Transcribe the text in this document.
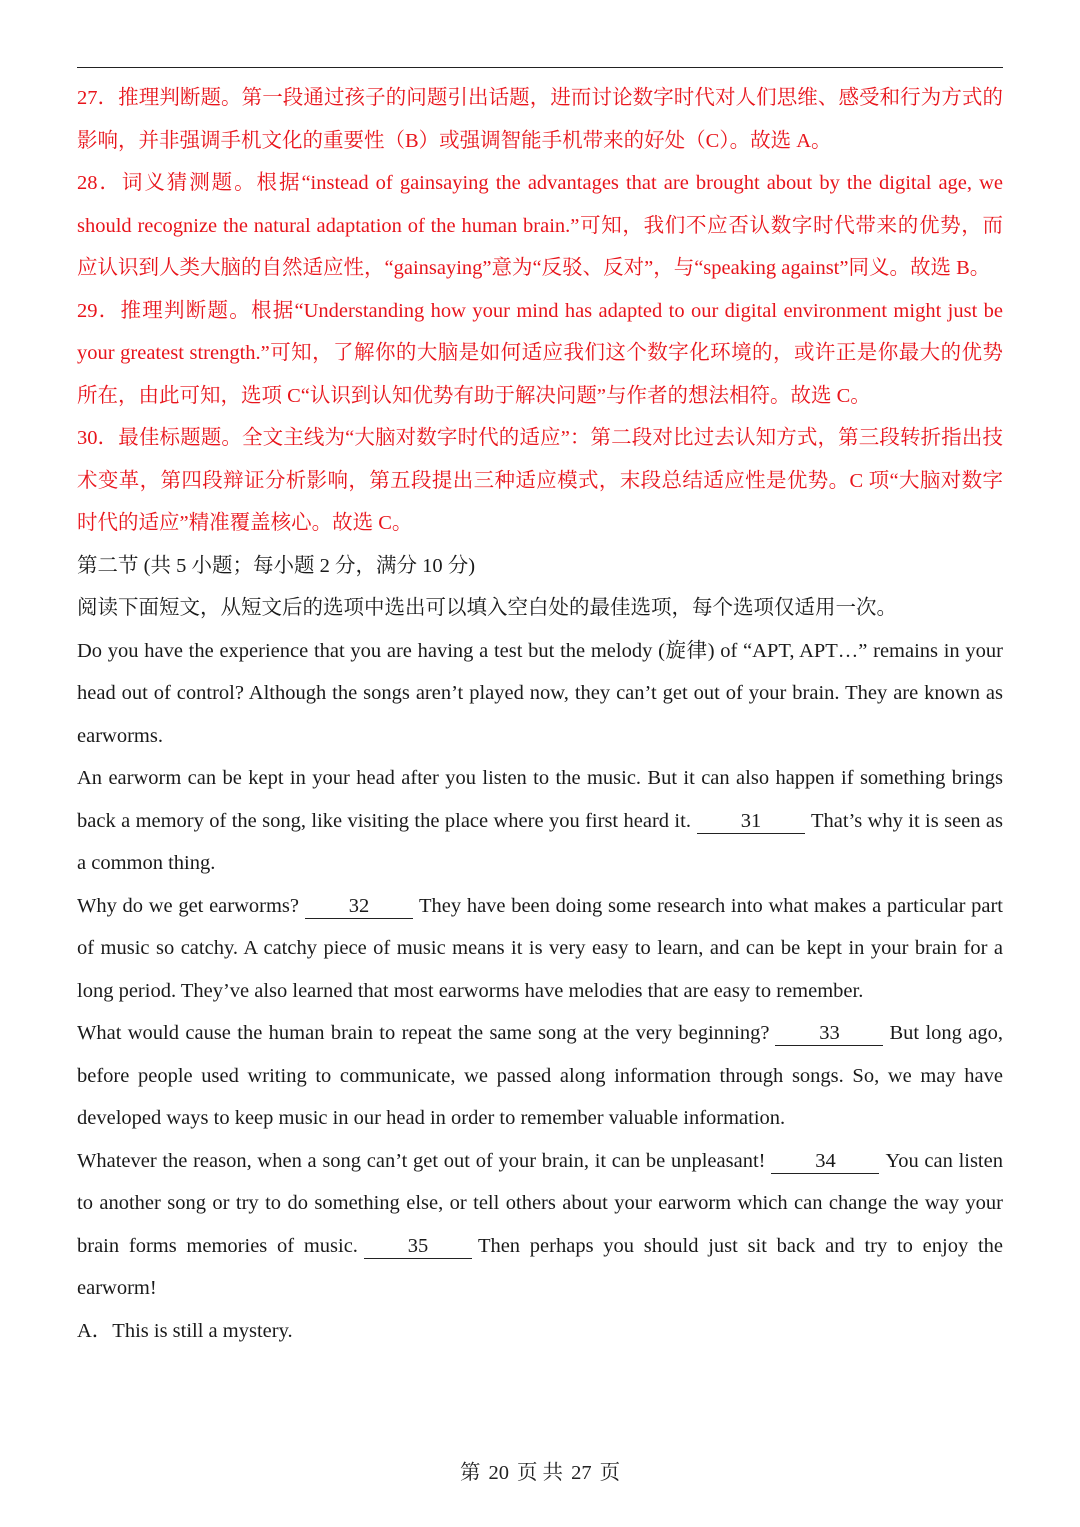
27．推理判断题。第一段通过孩子的问题引出话题，进而讨论数字时代对人们思维、感受和行为方式的影响，并非强调手机文化的重要性（B）或强调智能手机带来的好处（C）。故选 A。

28．词义猜测题。根据“instead of gainsaying the advantages that are brought about by the digital age, we should recognize the natural adaptation of the human brain.”可知，我们不应否认数字时代带来的优势，而应认识到人类大脑的自然适应性，“gainsaying”意为“反驳、反对”，与“speaking against”同义。故选 B。

29．推理判断题。根据“Understanding how your mind has adapted to our digital environment might just be your greatest strength.”可知，了解你的大脑是如何适应我们这个数字化环境的，或许正是你最大的优势所在，由此可知，选项 C“认识到认知优势有助于解决问题”与作者的想法相符。故选 C。

30．最佳标题题。全文主线为“大脑对数字时代的适应”：第二段对比过去认知方式，第三段转折指出技术变革，第四段辩证分析影响，第五段提出三种适应模式，末段总结适应性是优势。C 项“大脑对数字时代的适应”精准覆盖核心。故选 C。

第二节 (共 5 小题；每小题 2 分，满分 10 分)

阅读下面短文，从短文后的选项中选出可以填入空白处的最佳选项，每个选项仅适用一次。

Do you have the experience that you are having a test but the melody (旋律) of “APT, APT…” remains in your head out of control? Although the songs aren’t played now, they can’t get out of your brain. They are known as earworms.

An earworm can be kept in your head after you listen to the music. But it can also happen if something brings back a memory of the song, like visiting the place where you first heard it. 31 That’s why it is seen as a common thing.

Why do we get earworms? 32 They have been doing some research into what makes a particular part of music so catchy. A catchy piece of music means it is very easy to learn, and can be kept in your brain for a long period. They’ve also learned that most earworms have melodies that are easy to remember.

What would cause the human brain to repeat the same song at the very beginning? 33 But long ago, before people used writing to communicate, we passed along information through songs. So, we may have developed ways to keep music in our head in order to remember valuable information.

Whatever the reason, when a song can’t get out of your brain, it can be unpleasant! 34 You can listen to another song or try to do something else, or tell others about your earworm which can change the way your brain forms memories of music. 35 Then perhaps you should just sit back and try to enjoy the earworm!

A．This is still a mystery.

第 20 页 共 27 页
